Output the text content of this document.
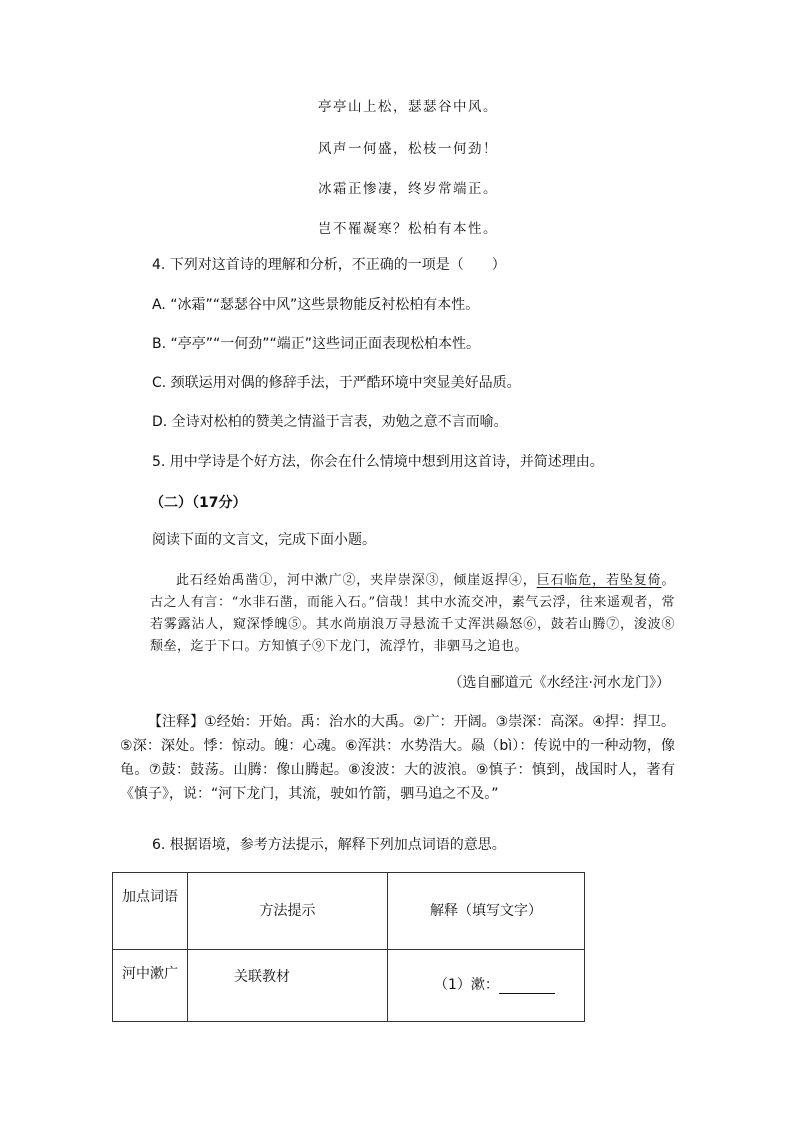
亭亭山上松，瑟瑟谷中风。
风声一何盛，松枝一何劲！
冰霜正惨凄，终岁常端正。
岂不罹凝寒？松柏有本性。
4. 下列对这首诗的理解和分析，不正确的一项是（　　）
A. “冰霜”“瑟瑟谷中风”这些景物能反衬松柏有本性。
B. “亭亭”“一何劲”“端正”这些词正面表现松柏本性。
C. 颈联运用对偶的修辞手法，于严酷环境中突显美好品质。
D. 全诗对松柏的赞美之情溢于言表，劝勉之意不言而喻。
5. 用中学诗是个好方法，你会在什么情境中想到用这首诗，并简述理由。
（二）（17分）
阅读下面的文言文，完成下面小题。
此石经始禹凿①，河中漱广②，夹岸崇深③，倾崖返捍④，巨石临危，若坠复倚。古之人有言：“水非石凿，而能入石。”信哉！其中水流交冲，素气云浮，往来遥观者，常若雾露沾人，窥深悸魄⑤。其水尚崩浪万寻悬流千丈浑洪赑怒⑥，鼓若山腾⑦，浚波⑧颓垒，迄于下口。方知慎子⑨下龙门，流浮竹，非驷马之追也。
（选自郦道元《水经注·河水龙门》）
【注释】①经始：开始。禹：治水的大禹。②广：开阔。③崇深：高深。④捍：捍卫。⑤深：深处。悸：惊动。魄：心魂。⑥浑洪：水势浩大。赑（bì）：传说中的一种动物，像龟。⑦鼓：鼓荡。山腾：像山腾起。⑧浚波：大的波浪。⑨慎子：慎到，战国时人，著有《慎子》，说：“河下龙门，其流，驶如竹箭，驷马追之不及。”
6. 根据语境，参考方法提示，解释下列加点词语的意思。
加点词语	方法提示	解释（填写文字）
河中漱广	关联教材	（1）漱：
